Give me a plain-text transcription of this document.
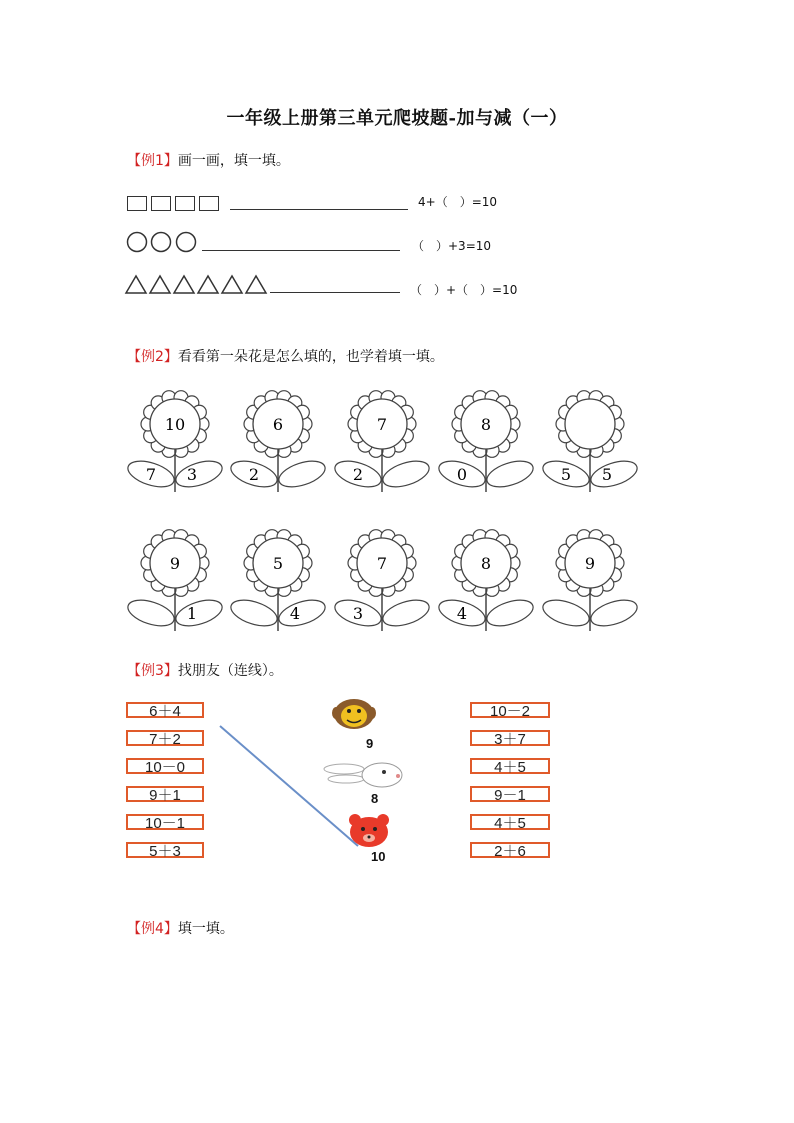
一年级上册第三单元爬坡题-加与减（一）
【例1】画一画，填一填。
4+（　）=10
（　）+3=10
（　）+（　）=10
【例2】看看第一朵花是怎么填的，也学着填一填。
10
7 3
6
2
7
2
8
0	5 5
9
1
5
4
7
3
8
4
9
【例3】找朋友（连线）。
6＋4
7＋2
10－0
9＋1
10－1
5＋3
10－2
3＋7
4＋5
9－1
4＋5
2＋6
9
8
10
【例4】填一填。
